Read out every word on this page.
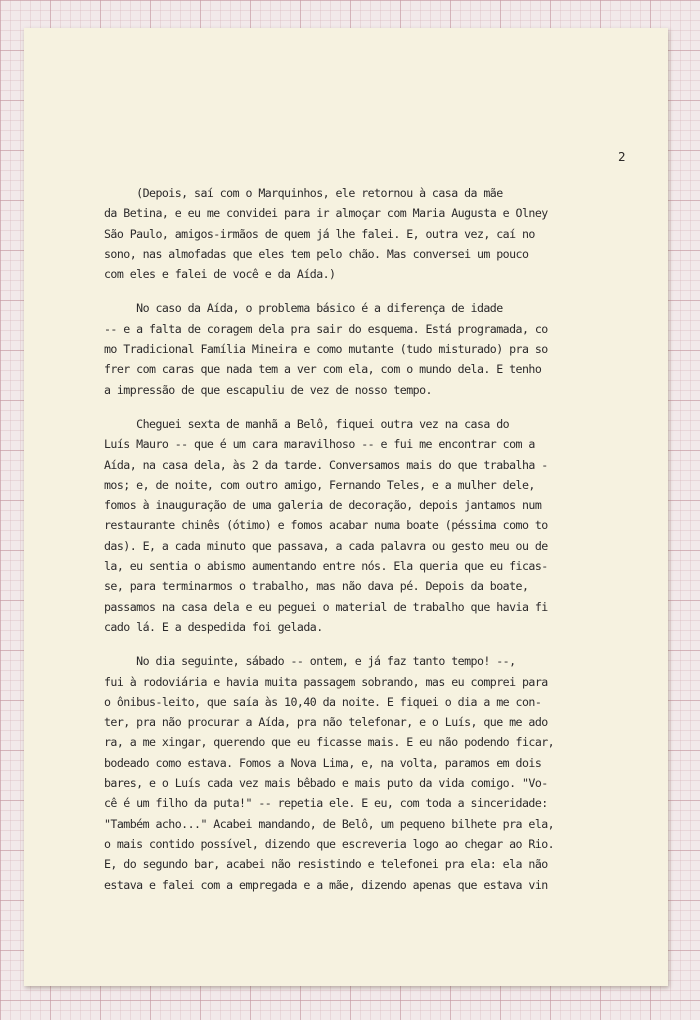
2
(Depois, saí com o Marquinhos, ele retornou à casa da mãe
da Betina, e eu me convidei para ir almoçar com Maria Augusta e Olney
São Paulo, amigos-irmãos de quem já lhe falei. E, outra vez, caí no
sono, nas almofadas que eles tem pelo chão. Mas conversei um pouco
com eles e falei de você e da Aída.)
No caso da Aída, o problema básico é a diferença de idade
-- e a falta de coragem dela pra sair do esquema. Está programada, co
mo Tradicional Família Mineira e como mutante (tudo misturado) pra so
frer com caras que nada tem a ver com ela, com o mundo dela. E tenho
a impressão de que escapuliu de vez de nosso tempo.
Cheguei sexta de manhã a Belô, fiquei outra vez na casa do
Luís Mauro -- que é um cara maravilhoso -- e fui me encontrar com a
Aída, na casa dela, às 2 da tarde. Conversamos mais do que trabalha -
mos; e, de noite, com outro amigo, Fernando Teles, e a mulher dele,
fomos à inauguração de uma galeria de decoração, depois jantamos num
restaurante chinês (ótimo) e fomos acabar numa boate (péssima como to
das). E, a cada minuto que passava, a cada palavra ou gesto meu ou de
la, eu sentia o abismo aumentando entre nós. Ela queria que eu ficas-
se, para terminarmos o trabalho, mas não dava pé. Depois da boate,
passamos na casa dela e eu peguei o material de trabalho que havia fi
cado lá. E a despedida foi gelada.
No dia seguinte, sábado -- ontem, e já faz tanto tempo! --,
fui à rodoviária e havia muita passagem sobrando, mas eu comprei para
o ônibus-leito, que saía às 10,40 da noite. E fiquei o dia a me con-
ter, pra não procurar a Aída, pra não telefonar, e o Luís, que me ado
ra, a me xingar, querendo que eu ficasse mais. E eu não podendo ficar,
bodeado como estava. Fomos a Nova Lima, e, na volta, paramos em dois
bares, e o Luís cada vez mais bêbado e mais puto da vida comigo. "Vo-
cê é um filho da puta!" -- repetia ele. E eu, com toda a sinceridade:
"Também acho..." Acabei mandando, de Belô, um pequeno bilhete pra ela,
o mais contido possível, dizendo que escreveria logo ao chegar ao Rio.
E, do segundo bar, acabei não resistindo e telefonei pra ela: ela não
estava e falei com a empregada e a mãe, dizendo apenas que estava vin
